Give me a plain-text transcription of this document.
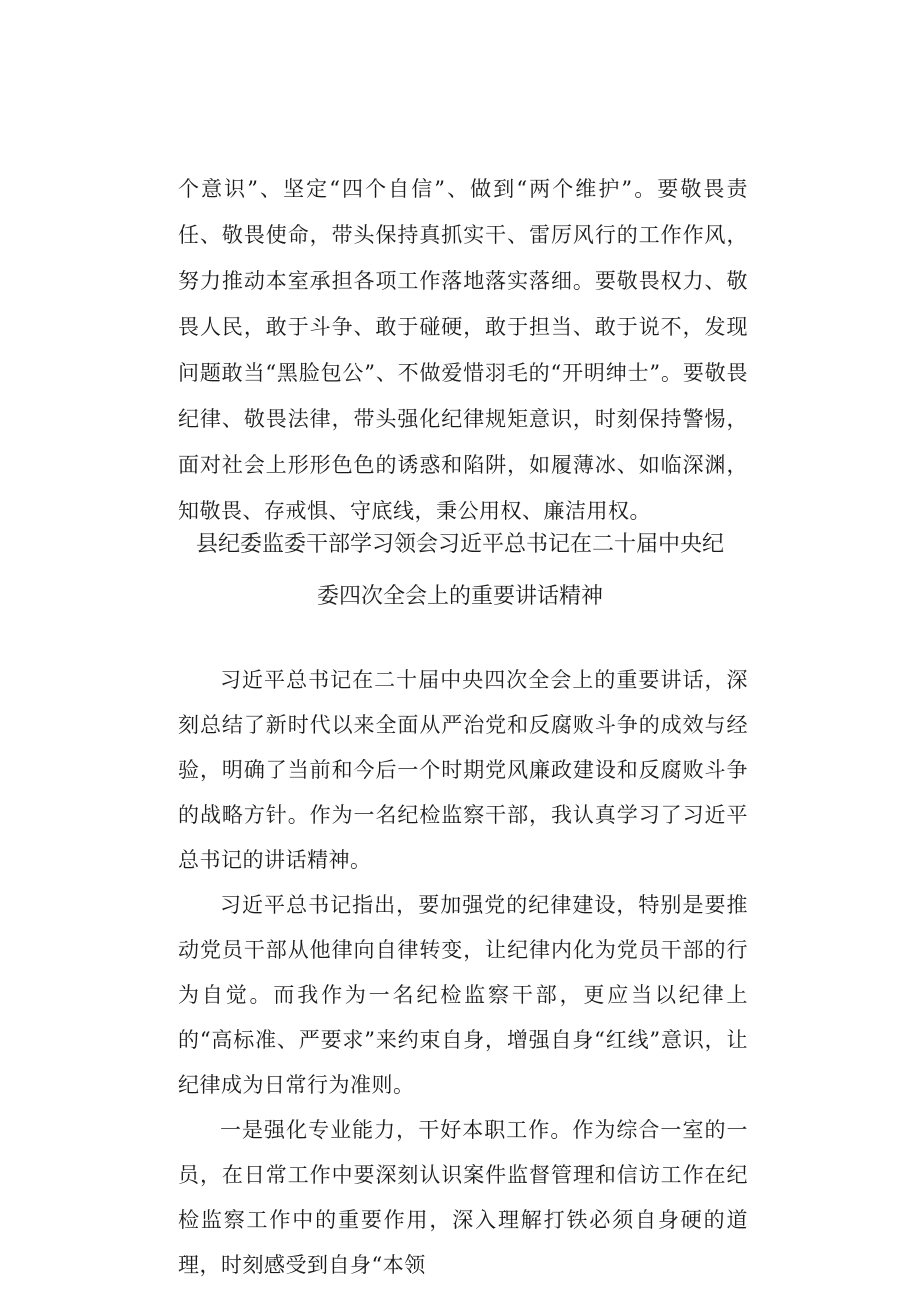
个意识”、坚定“四个自信”、做到“两个维护”。要敬畏责任、敬畏使命，带头保持真抓实干、雷厉风行的工作作风，努力推动本室承担各项工作落地落实落细。要敬畏权力、敬畏人民，敢于斗争、敢于碰硬，敢于担当、敢于说不，发现问题敢当“黑脸包公”、不做爱惜羽毛的“开明绅士”。要敬畏纪律、敬畏法律，带头强化纪律规矩意识，时刻保持警惕，面对社会上形形色色的诱惑和陷阱，如履薄冰、如临深渊，知敬畏、存戒惧、守底线，秉公用权、廉洁用权。
县纪委监委干部学习领会习近平总书记在二十届中央纪
委四次全会上的重要讲话精神

习近平总书记在二十届中央四次全会上的重要讲话，深刻总结了新时代以来全面从严治党和反腐败斗争的成效与经验，明确了当前和今后一个时期党风廉政建设和反腐败斗争的战略方针。作为一名纪检监察干部，我认真学习了习近平总书记的讲话精神。

习近平总书记指出，要加强党的纪律建设，特别是要推动党员干部从他律向自律转变，让纪律内化为党员干部的行为自觉。而我作为一名纪检监察干部，更应当以纪律上的“高标准、严要求”来约束自身，增强自身“红线”意识，让纪律成为日常行为准则。

一是强化专业能力，干好本职工作。作为综合一室的一员，在日常工作中要深刻认识案件监督管理和信访工作在纪检监察工作中的重要作用，深入理解打铁必须自身硬的道理，时刻感受到自身“本领
